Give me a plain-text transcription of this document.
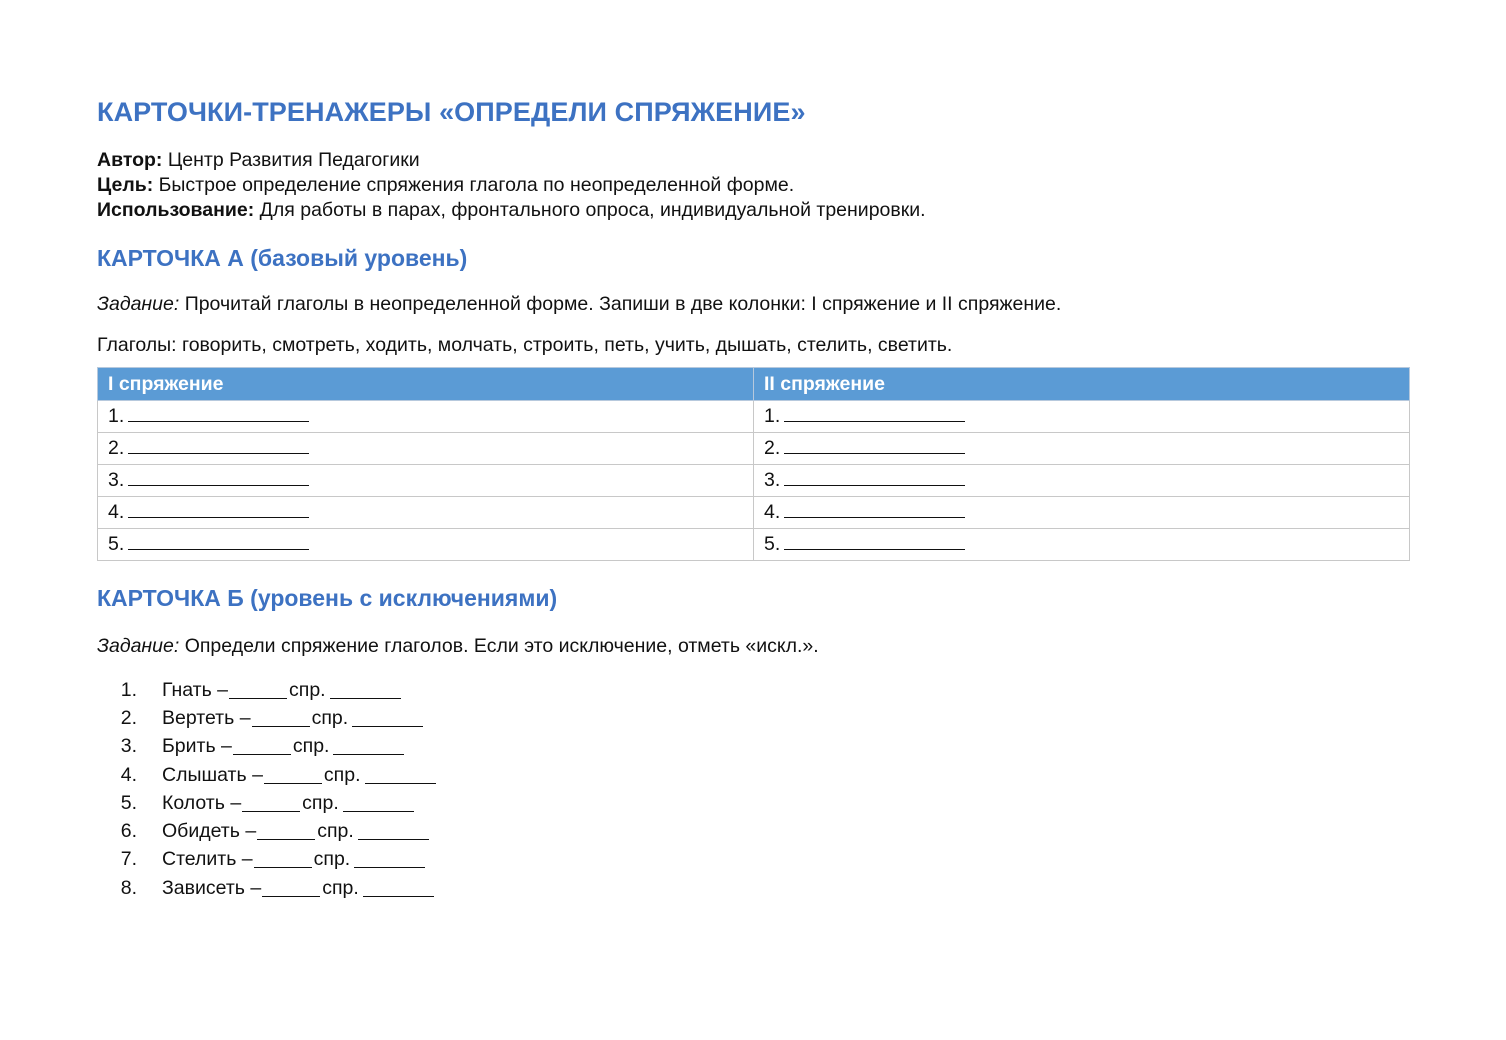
КАРТОЧКИ-ТРЕНАЖЕРЫ «ОПРЕДЕЛИ СПРЯЖЕНИЕ»
Автор: Центр Развития Педагогики
Цель: Быстрое определение спряжения глагола по неопределенной форме.
Использование: Для работы в парах, фронтального опроса, индивидуальной тренировки.
КАРТОЧКА А (базовый уровень)

Задание: Прочитай глаголы в неопределенной форме. Запиши в две колонки: I спряжение и II спряжение.

Глаголы: говорить, смотреть, ходить, молчать, строить, петь, учить, дышать, стелить, светить.

I спряжение	II спряжение
1.	1.
2.	2.
3.	3.
4.	4.
5.	5.
КАРТОЧКА Б (уровень с исключениями)

Задание: Определи спряжение глаголов. Если это исключение, отметь «искл.».

1. Гнать
–	спр.
2. Вертеть
–	спр.
3. Брить
–	спр.
4. Слышать
–	спр.
5. Колоть
–	спр.
6. Обидеть
–	спр.
7. Стелить
–	спр.
8. Зависеть
–	спр.
